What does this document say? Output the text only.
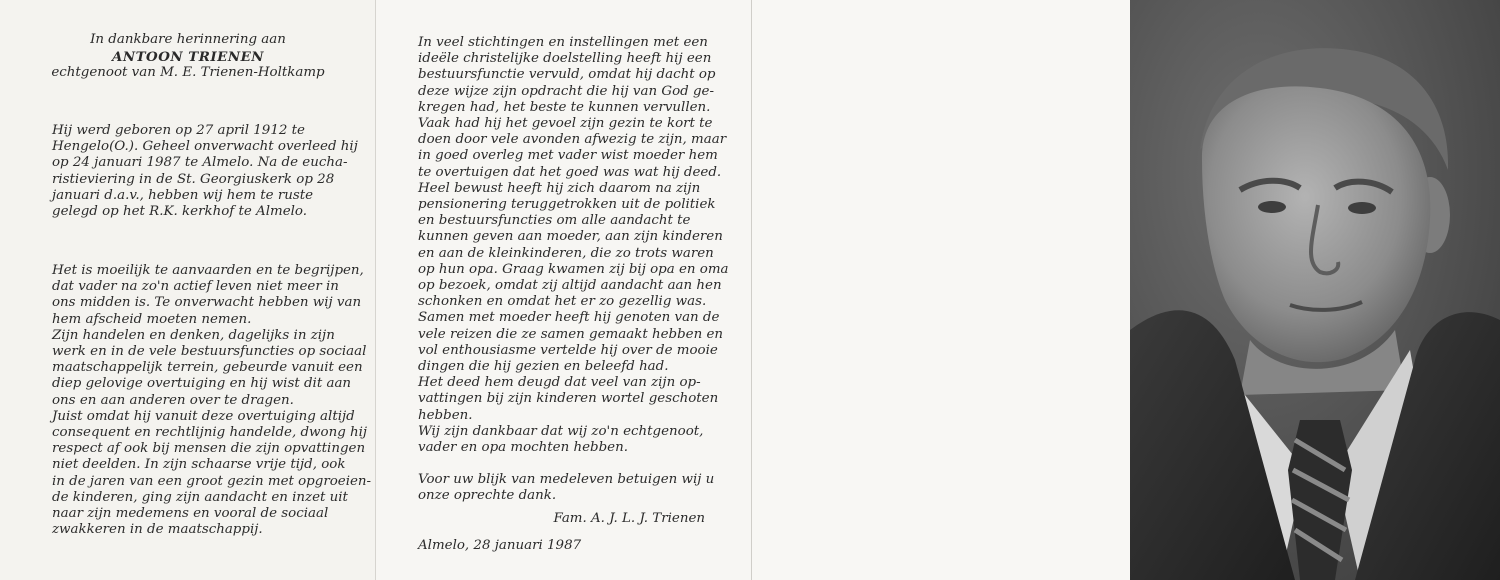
In dankbare herinnering aan
ANTOON TRIENEN
echtgenoot van M. E. Trienen-Holtkamp
Hij werd geboren op 27 april 1912 te
Hengelo(O.). Geheel onverwacht overleed hij
op 24 januari 1987 te Almelo. Na de eucha-
ristieviering in de St. Georgiuskerk op 28
januari d.a.v., hebben wij hem te ruste
gelegd op het R.K. kerkhof te Almelo.
Het is moeilijk te aanvaarden en te begrijpen,
dat vader na zo'n actief leven niet meer in
ons midden is. Te onverwacht hebben wij van
hem afscheid moeten nemen.
Zijn handelen en denken, dagelijks in zijn
werk en in de vele bestuursfuncties op sociaal
maatschappelijk terrein, gebeurde vanuit een
diep gelovige overtuiging en hij wist dit aan
ons en aan anderen over te dragen.
Juist omdat hij vanuit deze overtuiging altijd
consequent en rechtlijnig handelde, dwong hij
respect af ook bij mensen die zijn opvattingen
niet deelden. In zijn schaarse vrije tijd, ook
in de jaren van een groot gezin met opgroeien-
de kinderen, ging zijn aandacht en inzet uit
naar zijn medemens en vooral de sociaal
zwakkeren in de maatschappij.
In veel stichtingen en instellingen met een
ideële christelijke doelstelling heeft hij een
bestuursfunctie vervuld, omdat hij dacht op
deze wijze zijn opdracht die hij van God ge-
kregen had, het beste te kunnen vervullen.
Vaak had hij het gevoel zijn gezin te kort te
doen door vele avonden afwezig te zijn, maar
in goed overleg met vader wist moeder hem
te overtuigen dat het goed was wat hij deed.
Heel bewust heeft hij zich daarom na zijn
pensionering teruggetrokken uit de politiek
en bestuursfuncties om alle aandacht te
kunnen geven aan moeder, aan zijn kinderen
en aan de kleinkinderen, die zo trots waren
op hun opa. Graag kwamen zij bij opa en oma
op bezoek, omdat zij altijd aandacht aan hen
schonken en omdat het er zo gezellig was.
Samen met moeder heeft hij genoten van de
vele reizen die ze samen gemaakt hebben en
vol enthousiasme vertelde hij over de mooie
dingen die hij gezien en beleefd had.
Het deed hem deugd dat veel van zijn op-
vattingen bij zijn kinderen wortel geschoten
hebben.
Wij zijn dankbaar dat wij zo'n echtgenoot,
vader en opa mochten hebben.
Voor uw blijk van medeleven betuigen wij u
onze oprechte dank.
Fam. A. J. L. J. Trienen
Almelo, 28 januari 1987
